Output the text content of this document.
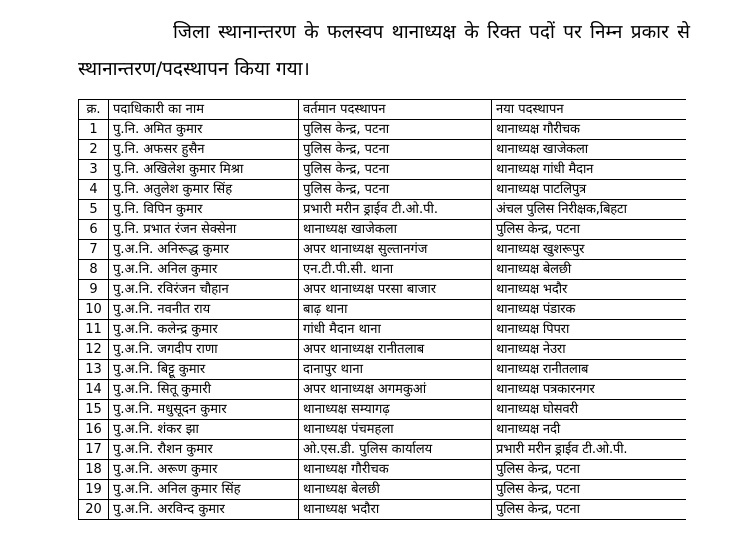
जिला स्थानान्तरण के फलस्वप थानाध्यक्ष के रिक्त पदों पर निम्न प्रकार से स्थानान्तरण/पदस्थापन किया गया।
क्र.	पदाधिकारी का नाम	वर्तमान पदस्थापन	नया पदस्थापन
1	पु.नि. अमित कुमार	पुलिस केन्द्र, पटना	थानाध्यक्ष गौरीचक
2	पु.नि. अफसर हुसैन	पुलिस केन्द्र, पटना	थानाध्यक्ष खाजेकला
3	पु.नि. अखिलेश कुमार मिश्रा	पुलिस केन्द्र, पटना	थानाध्यक्ष गांधी मैदान
4	पु.नि. अतुलेश कुमार सिंह	पुलिस केन्द्र, पटना	थानाध्यक्ष पाटलिपुत्र
5	पु.नि. विपिन कुमार	प्रभारी मरीन ड्राईव टी.ओ.पी.	अंचल पुलिस निरीक्षक,बिहटा
6	पु.नि. प्रभात रंजन सेक्सेना	थानाध्यक्ष खाजेकला	पुलिस केन्द्र, पटना
7	पु.अ.नि. अनिरूद्ध कुमार	अपर थानाध्यक्ष सुल्तानगंज	थानाध्यक्ष खुशरूपुर
8	पु.अ.नि. अनिल कुमार	एन.टी.पी.सी. थाना	थानाध्यक्ष बेलछी
9	पु.अ.नि. रविरंजन चौहान	अपर थानाध्यक्ष परसा बाजार	थानाध्यक्ष भदौर
10	पु.अ.नि. नवनीत राय	बाढ़ थाना	थानाध्यक्ष पंडारक
11	पु.अ.नि. कलेन्द्र कुमार	गांधी मैदान थाना	थानाध्यक्ष पिपरा
12	पु.अ.नि. जगदीप राणा	अपर थानाध्यक्ष रानीतलाब	थानाध्यक्ष नेउरा
13	पु.अ.नि. बिट्टू कुमार	दानापुर थाना	थानाध्यक्ष रानीतलाब
14	पु.अ.नि. सितू कुमारी	अपर थानाध्यक्ष अगमकुआं	थानाध्यक्ष पत्रकारनगर
15	पु.अ.नि. मधुसूदन कुमार	थानाध्यक्ष सम्यागढ़	थानाध्यक्ष घोसवरी
16	पु.अ.नि. शंकर झा	थानाध्यक्ष पंचमहला	थानाध्यक्ष नदी
17	पु.अ.नि. रौशन कुमार	ओ.एस.डी. पुलिस कार्यालय	प्रभारी मरीन ड्राईव टी.ओ.पी.
18	पु.अ.नि. अरूण कुमार	थानाध्यक्ष गौरीचक	पुलिस केन्द्र, पटना
19	पु.अ.नि. अनिल कुमार सिंह	थानाध्यक्ष बेलछी	पुलिस केन्द्र, पटना
20	पु.अ.नि. अरविन्द कुमार	थानाध्यक्ष भदौरा	पुलिस केन्द्र, पटना
